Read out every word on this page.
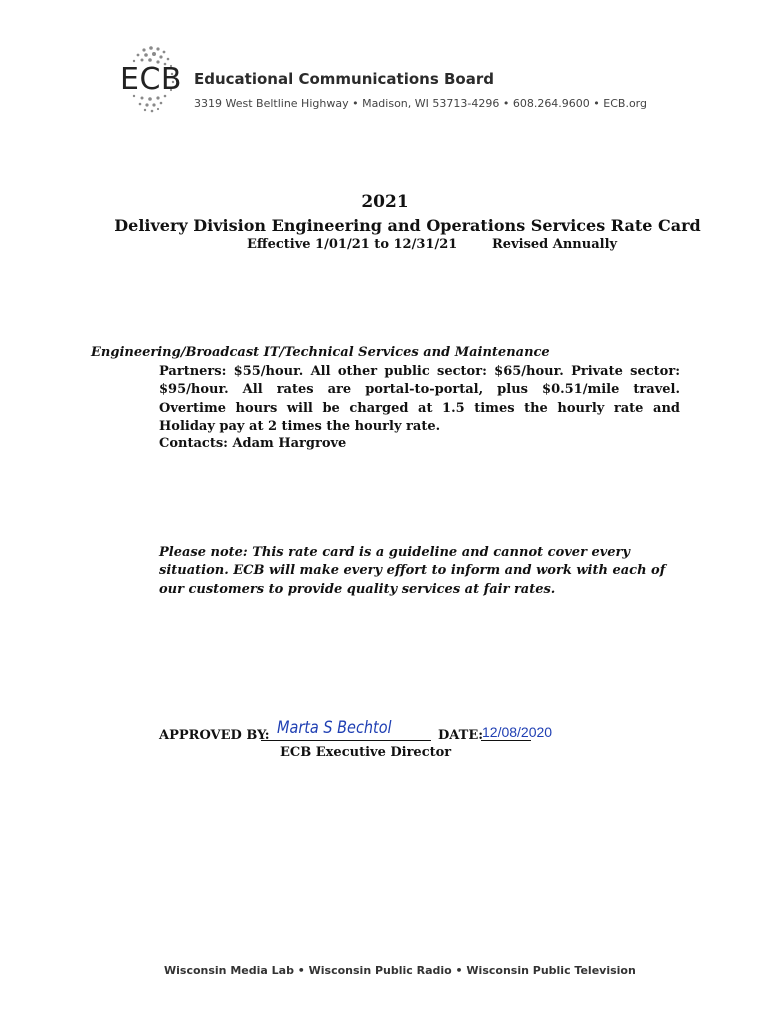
ECB Educational Communications Board
3319 West Beltline Highway • Madison, WI 53713-4296 • 608.264.9600 • ECB.org
2021
Delivery Division Engineering and Operations Services Rate Card
Effective 1/01/21 to 12/31/21	Revised Annually
Engineering/Broadcast IT/Technical Services and Maintenance
Partners: $55/hour. All other public sector: $65/hour. Private sector: $95/hour. All rates are portal-to-portal, plus $0.51/mile travel. Overtime hours will be charged at 1.5 times the hourly rate and Holiday pay at 2 times the hourly rate.
Contacts: Adam Hargrove
Please note: This rate card is a guideline and cannot cover every situation. ECB will make every effort to inform and work with each of our customers to provide quality services at fair rates.
APPROVED BY: Marta S Bechtol	DATE:
12/08/2020
ECB Executive Director
Wisconsin Media Lab • Wisconsin Public Radio • Wisconsin Public Television
